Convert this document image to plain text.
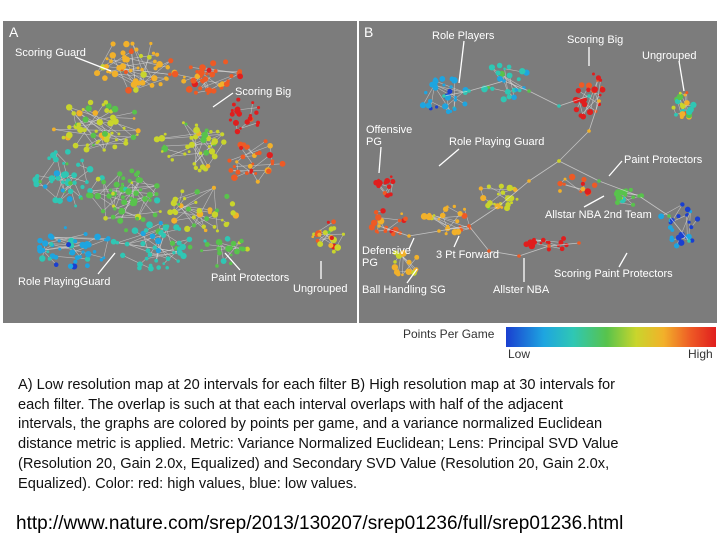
A
Scoring Guard
Scoring Big
Role PlayingGuard	Paint Protectors
Ungrouped
B	Role Players	Scoring Big
Ungrouped
Offensive
PG	Role Playing Guard
Paint Protectors
Allstar NBA 2nd Team
Defensive
PG
3 Pt Forward
Ball Handling SG	Allster NBA
Scoring Paint Protectors
Points Per Game
Low	High
A) Low resolution map at 20 intervals for each filter B) High resolution map at 30 intervals for
each filter. The overlap is such at that each interval overlaps with half of the adjacent
intervals, the graphs are colored by points per game, and a variance normalized Euclidean
distance metric is applied. Metric: Variance Normalized Euclidean; Lens: Principal SVD Value
(Resolution 20, Gain 2.0x, Equalized) and Secondary SVD Value (Resolution 20, Gain 2.0x,
Equalized). Color: red: high values, blue: low values.
http://www.nature.com/srep/2013/130207/srep01236/full/srep01236.html
